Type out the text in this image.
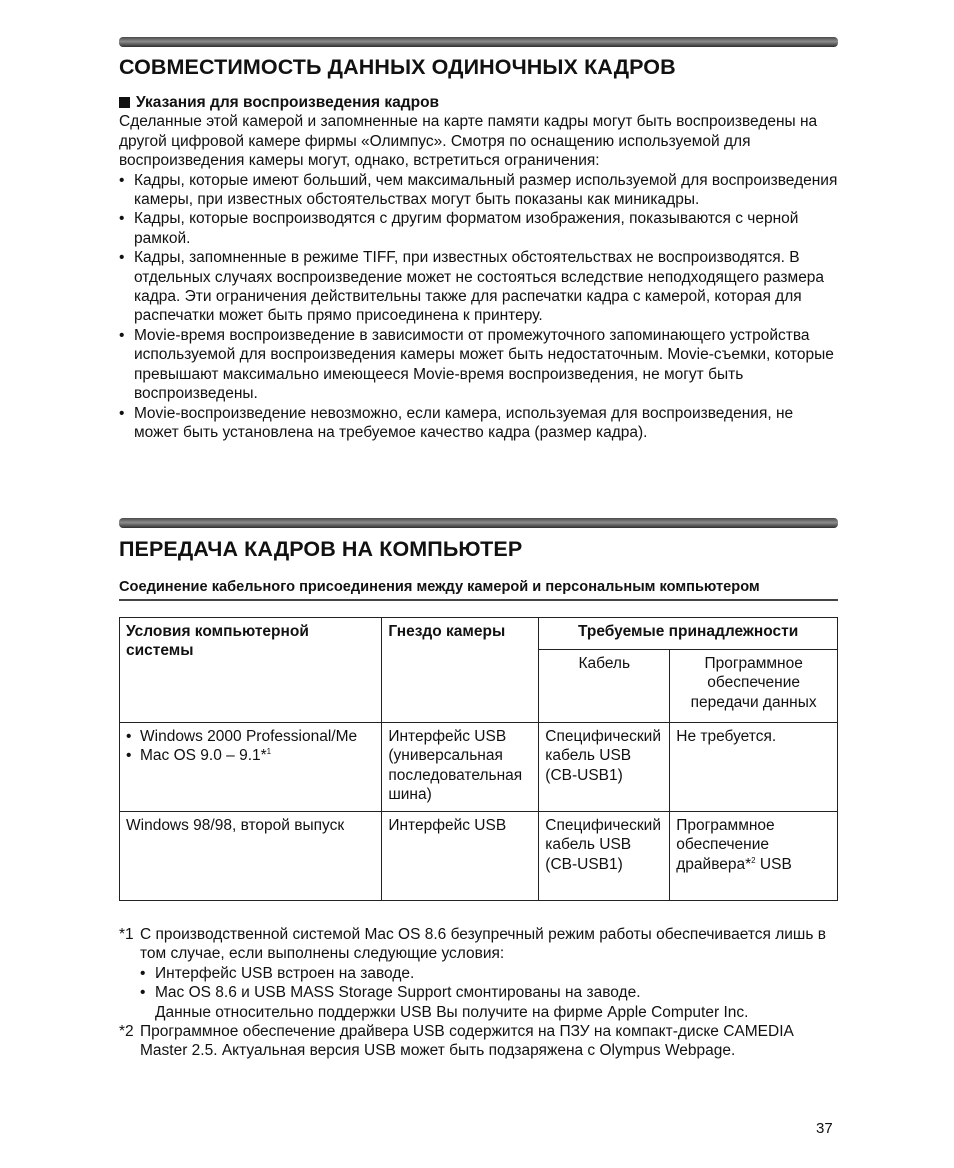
СОВМЕСТИМОСТЬ ДАННЫХ ОДИНОЧНЫХ КАДРОВ

Указания для воспроизведения кадров

Сделанные этой камерой и запомненные на карте памяти кадры могут быть воспроизведены на другой цифровой камере фирмы «Олимпус». Смотря по оснащению используемой для воспроизведения камеры могут, однако, встретиться ограничения:

• Кадры, которые имеют больший, чем максимальный размер используемой для воспроизведения камеры, при известных обстоятельствах могут быть показаны как миникадры.
• Кадры, которые воспроизводятся с другим форматом изображения, показываются с черной рамкой.
• Кадры, запомненные в режиме TIFF, при известных обстоятельствах не воспроизводятся. В отдельных случаях воспроизведение может не состояться вследствие неподходящего размера кадра. Эти ограничения действительны также для распечатки кадра с камерой, которая для распечатки может быть прямо присоединена к принтеру.
• Movie-время воспроизведение в зависимости от промежуточного запоминающего устройства используемой для воспроизведения камеры может быть недостаточным. Movie-съемки, которые превышают максимально имеющееся Movie-время воспроизведения, не могут быть воспроизведены.
• Movie-воспроизведение невозможно, если камера, используемая для воспроизведения, не может быть установлена на требуемое качество кадра (размер кадра).
ПЕРЕДАЧА КАДРОВ НА КОМПЬЮТЕР
Соединение кабельного присоединения между камерой и персональным компьютером
Условия компьютерной системы	Гнездо камеры	Требуемые принадлежности	
		Кабель	Программное обеспечение передачи данных

• Windows 2000 Professional/Me
• Mac OS 9.0 – 9.1*$^1$	Интерфейс USB (универсальная последовательная шина)	Специфический кабель USB (CB-USB1)	Не требуется.
Windows 98/98, второй выпуск	Интерфейс USB	Специфический кабель USB (CB-USB1)	Программное обеспечение драйвера*$^2$ USB
*1 С производственной системой Mac OS 8.6 безупречный режим работы обеспечивается лишь в том случае, если выполнены следующие условия:
• Интерфейс USB встроен на заводе.
• Mac OS 8.6 и USB MASS Storage Support смонтированы на заводе.
Данные относительно поддержки USB Вы получите на фирме Apple Computer Inc.
*2 Программное обеспечение драйвера USB содержится на ПЗУ на компакт-диске CAMEDIA Master 2.5. Актуальная версия USB может быть подзаряжена с Olympus Webpage.
37
